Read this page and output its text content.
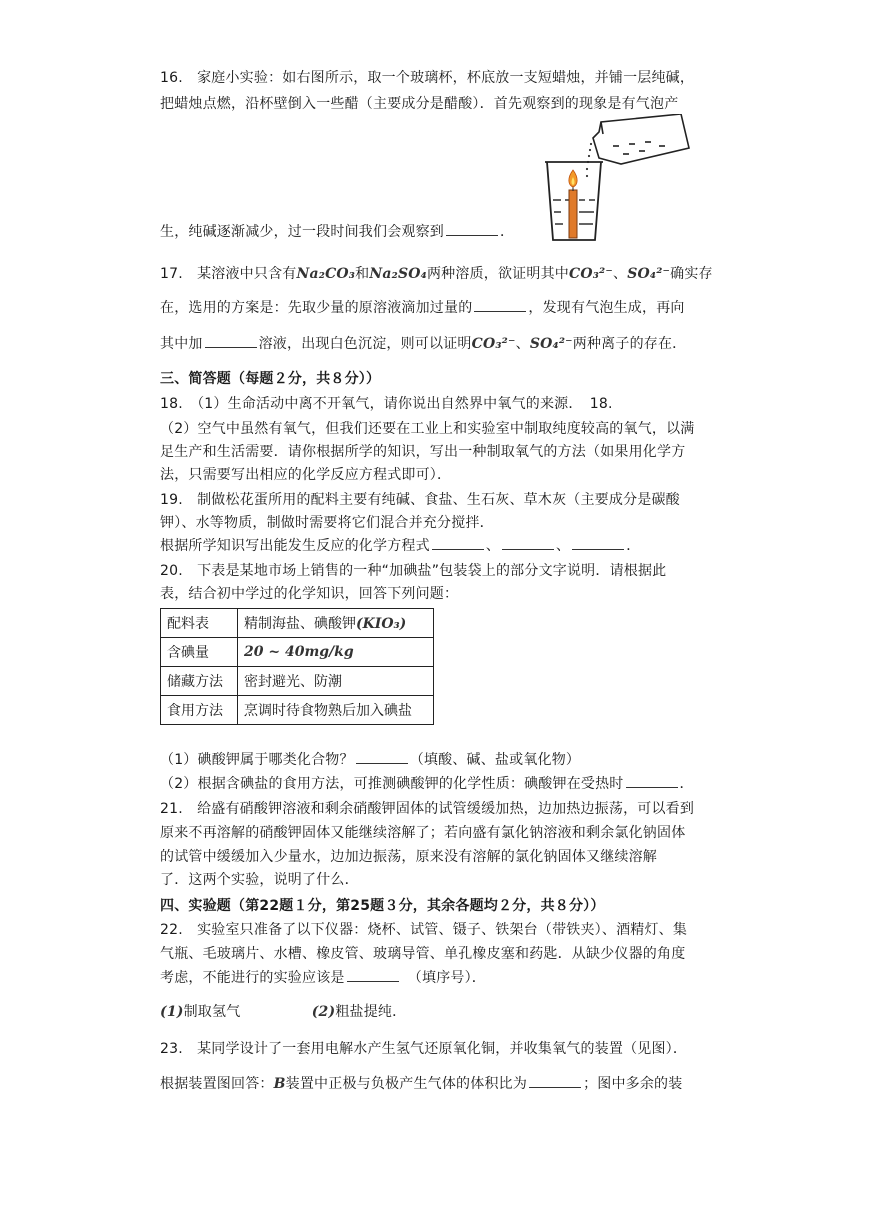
16.　家庭小实验：如右图所示，取一个玻璃杯，杯底放一支短蜡烛，并铺一层纯碱，
把蜡烛点燃，沿杯壁倒入一些醋（主要成分是醋酸）．首先观察到的现象是有气泡产
生，纯碱逐渐减少，过一段时间我们会观察到	．
17.　某溶液中只含有Na₂CO₃和Na₂SO₄两种溶质，欲证明其中CO₃²⁻、SO₄²⁻确实存
在，选用的方案是：先取少量的原溶液滴加过量的	，发现有气泡生成，再向
其中加	溶液，出现白色沉淀，则可以证明CO₃²⁻、SO₄²⁻两种离子的存在．
三、简答题（每题２分，共８分））
18.　（1）生命活动中离不开氧气，请你说出自然界中氧气的来源．　18.
（2）空气中虽然有氧气，但我们还要在工业上和实验室中制取纯度较高的氧气，以满
足生产和生活需要．请你根据所学的知识，写出一种制取氧气的方法（如果用化学方
法，只需要写出相应的化学反应方程式即可）．
19.　制做松花蛋所用的配料主要有纯碱、食盐、生石灰、草木灰（主要成分是碳酸
钾）、水等物质，制做时需要将它们混合并充分搅拌．
根据所学知识写出能发生反应的化学方程式	、	、	．
20.　下表是某地市场上销售的一种“加碘盐”包装袋上的部分文字说明．请根据此
表，结合初中学过的化学知识，回答下列问题：
配料表	精制海盐、碘酸钾(KIO₃)
含碘量	20 ~ 40mg/kg
储藏方法	密封避光、防潮
食用方法	烹调时待食物熟后加入碘盐
（1）碘酸钾属于哪类化合物？	（填酸、碱、盐或氧化物）
（2）根据含碘盐的食用方法，可推测碘酸钾的化学性质：碘酸钾在受热时	．
21.　给盛有硝酸钾溶液和剩余硝酸钾固体的试管缓缓加热，边加热边振荡，可以看到
原来不再溶解的硝酸钾固体又能继续溶解了；若向盛有氯化钠溶液和剩余氯化钠固体
的试管中缓缓加入少量水，边加边振荡，原来没有溶解的氯化钠固体又继续溶解
了．这两个实验，说明了什么．
四、实验题（第22题１分，第25题３分，其余各题均２分，共８分））
22.　实验室只准备了以下仪器：烧杯、试管、镊子、铁架台（带铁夹）、酒精灯、集
气瓶、毛玻璃片、水槽、橡皮管、玻璃导管、单孔橡皮塞和药匙．从缺少仪器的角度
考虑，不能进行的实验应该是	　（填序号）．
(1)制取氢气	(2)粗盐提纯．
23.　某同学设计了一套用电解水产生氢气还原氧化铜，并收集氧气的装置（见图）．
根据装置图回答：B装置中正极与负极产生气体的体积比为	；图中多余的装
